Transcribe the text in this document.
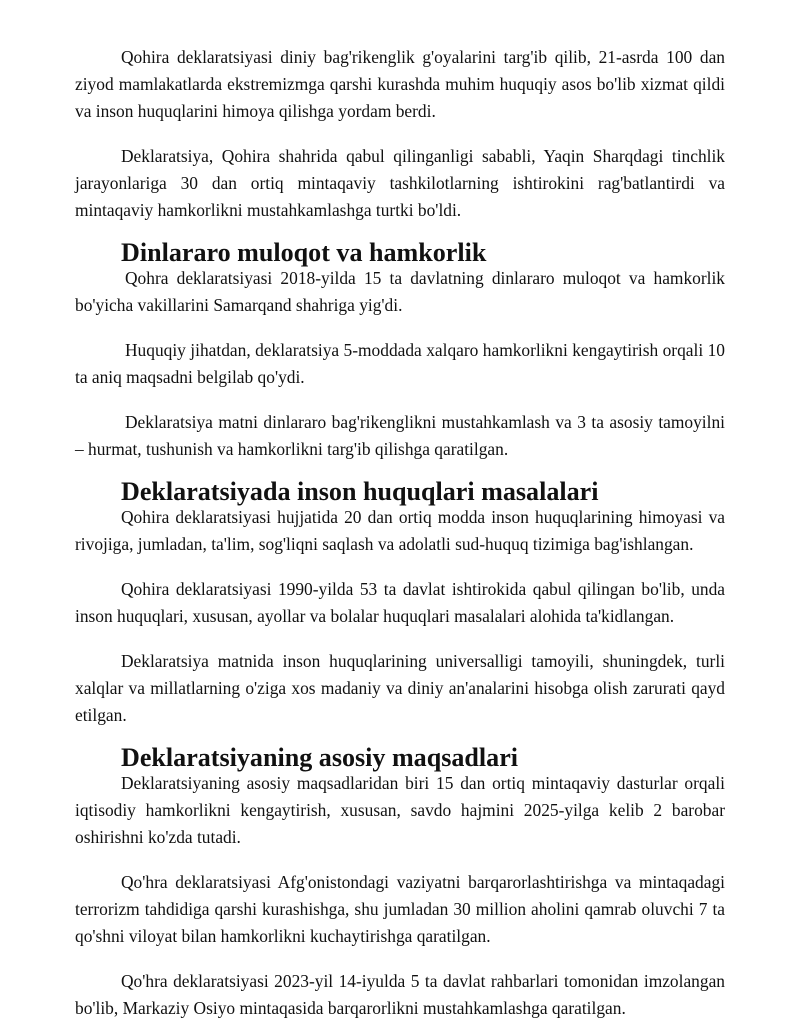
Qohira deklaratsiyasi diniy bag'rikenglik g'oyalarini targ'ib qilib, 21-asrda 100 dan ziyod mamlakatlarda ekstremizmga qarshi kurashda muhim huquqiy asos bo'lib xizmat qildi va inson huquqlarini himoya qilishga yordam berdi.

Deklaratsiya, Qohira shahrida qabul qilinganligi sababli, Yaqin Sharqdagi tinchlik jarayonlariga 30 dan ortiq mintaqaviy tashkilotlarning ishtirokini rag'batlantirdi va mintaqaviy hamkorlikni mustahkamlashga turtki bo'ldi.

Dinlararo muloqot va hamkorlik

Qohra deklaratsiyasi 2018-yilda 15 ta davlatning dinlararo muloqot va hamkorlik bo'yicha vakillarini Samarqand shahriga yig'di.

Huquqiy jihatdan, deklaratsiya 5-moddada xalqaro hamkorlikni kengaytirish orqali 10 ta aniq maqsadni belgilab qo'ydi.

Deklaratsiya matni dinlararo bag'rikenglikni mustahkamlash va 3 ta asosiy tamoyilni – hurmat, tushunish va hamkorlikni targ'ib qilishga qaratilgan.

Deklaratsiyada inson huquqlari masalalari

Qohira deklaratsiyasi hujjatida 20 dan ortiq modda inson huquqlarining himoyasi va rivojiga, jumladan, ta'lim, sog'liqni saqlash va adolatli sud-huquq tizimiga bag'ishlangan.

Qohira deklaratsiyasi 1990-yilda 53 ta davlat ishtirokida qabul qilingan bo'lib, unda inson huquqlari, xususan, ayollar va bolalar huquqlari masalalari alohida ta'kidlangan.

Deklaratsiya matnida inson huquqlarining universalligi tamoyili, shuningdek, turli xalqlar va millatlarning o'ziga xos madaniy va diniy an'analarini hisobga olish zarurati qayd etilgan.

Deklaratsiyaning asosiy maqsadlari

Deklaratsiyaning asosiy maqsadlaridan biri 15 dan ortiq mintaqaviy dasturlar orqali iqtisodiy hamkorlikni kengaytirish, xususan, savdo hajmini 2025-yilga kelib 2 barobar oshirishni ko'zda tutadi.

Qo'hra deklaratsiyasi Afg'onistondagi vaziyatni barqarorlashtirishga va mintaqadagi terrorizm tahdidiga qarshi kurashishga, shu jumladan 30 million aholini qamrab oluvchi 7 ta qo'shni viloyat bilan hamkorlikni kuchaytirishga qaratilgan.

Qo'hra deklaratsiyasi 2023-yil 14-iyulda 5 ta davlat rahbarlari tomonidan imzolangan bo'lib, Markaziy Osiyo mintaqasida barqarorlikni mustahkamlashga qaratilgan.
